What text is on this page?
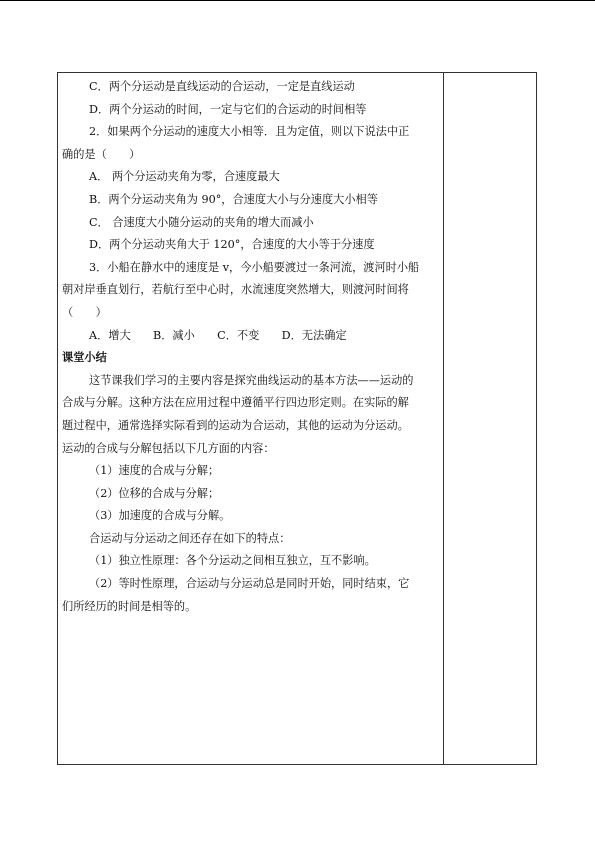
C．两个分运动是直线运动的合运动，一定是直线运动

D．两个分运动的时间，一定与它们的合运动的时间相等

2．如果两个分运动的速度大小相等．且为定值，则以下说法中正

确的是（　　）

A． 两个分运动夹角为零，合速度最大

B．两个分运动夹角为 90°，合速度大小与分速度大小相等

C． 合速度大小随分运动的夹角的增大而减小

D．两个分运动夹角大于 120°，合速度的大小等于分速度

3．小船在静水中的速度是 v，今小船要渡过一条河流，渡河时小船

朝对岸垂直划行，若航行至中心时，水流速度突然增大，则渡河时间将

（　　）

A．增大　　B．减小　　C．不变　　D．无法确定

课堂小结

这节课我们学习的主要内容是探究曲线运动的基本方法——运动的

合成与分解。这种方法在应用过程中遵循平行四边形定则。在实际的解

题过程中，通常选择实际看到的运动为合运动，其他的运动为分运动。

运动的合成与分解包括以下几方面的内容：

（1）速度的合成与分解；

（2）位移的合成与分解；

（3）加速度的合成与分解。

合运动与分运动之间还存在如下的特点：

（1）独立性原理：各个分运动之间相互独立，互不影响。

（2）等时性原理，合运动与分运动总是同时开始，同时结束，它

们所经历的时间是相等的。
